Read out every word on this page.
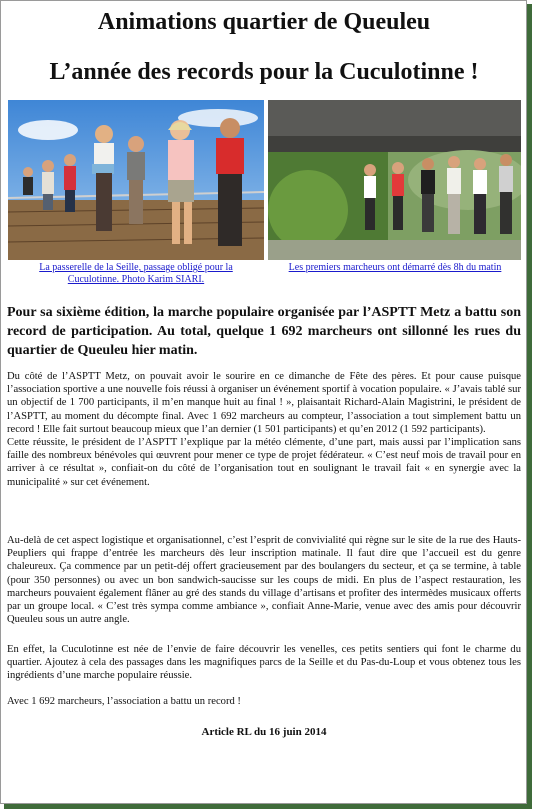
Animations quartier de Queuleu
L’année des records pour la Cuculotinne !
La passerelle de la Seille, passage obligé pour la Cuculotinne. Photo Karim SIARI.
Les premiers marcheurs ont démarré dès 8h du matin

Pour sa sixième édition, la marche populaire organisée par l’ASPTT Metz a battu son record de participation. Au total, quelque 1 692 marcheurs ont sillonné les rues du quartier de Queuleu hier matin.

Du côté de l’ASPTT Metz, on pouvait avoir le sourire en ce dimanche de Fête des pères. Et pour cause puisque l’association sportive a une nouvelle fois réussi à organiser un événement sportif à vocation populaire. « J’avais tablé sur un objectif de 1 700 participants, il m’en manque huit au final ! », plaisantait Richard-Alain Magistrini, le président de l’ASPTT, au moment du décompte final. Avec 1 692 marcheurs au compteur, l’association a tout simplement battu un record ! Elle fait surtout beaucoup mieux que l’an dernier (1 501 participants) et qu’en 2012 (1 592 participants).

Cette réussite, le président de l’ASPTT l’explique par la météo clémente, d’une part, mais aussi par l’implication sans faille des nombreux bénévoles qui œuvrent pour mener ce type de projet fédérateur. « C’est neuf mois de travail pour en arriver à ce résultat », confiait-on du côté de l’organisation tout en soulignant le travail fait « en synergie avec la municipalité » sur cet événement.

Au-delà de cet aspect logistique et organisationnel, c’est l’esprit de convivialité qui règne sur le site de la rue des Hauts-Peupliers qui frappe d’entrée les marcheurs dès leur inscription matinale. Il faut dire que l’accueil est du genre chaleureux. Ça commence par un petit-déj offert gracieusement par des boulangers du secteur, et ça se termine, à table (pour 350 personnes) ou avec un bon sandwich-saucisse sur les coups de midi. En plus de l’aspect restauration, les marcheurs pouvaient également flâner au gré des stands du village d’artisans et profiter des intermèdes musicaux offerts par un groupe local. « C’est très sympa comme ambiance », confiait Anne-Marie, venue avec des amis pour découvrir Queuleu sous un autre angle.

En effet, la Cuculotinne est née de l’envie de faire découvrir les venelles, ces petits sentiers qui font le charme du quartier. Ajoutez à cela des passages dans les magnifiques parcs de la Seille et du Pas-du-Loup et vous obtenez tous les ingrédients d’une marche populaire réussie.

Avec 1 692 marcheurs, l’association a battu un record !

Article RL du 16 juin 2014
